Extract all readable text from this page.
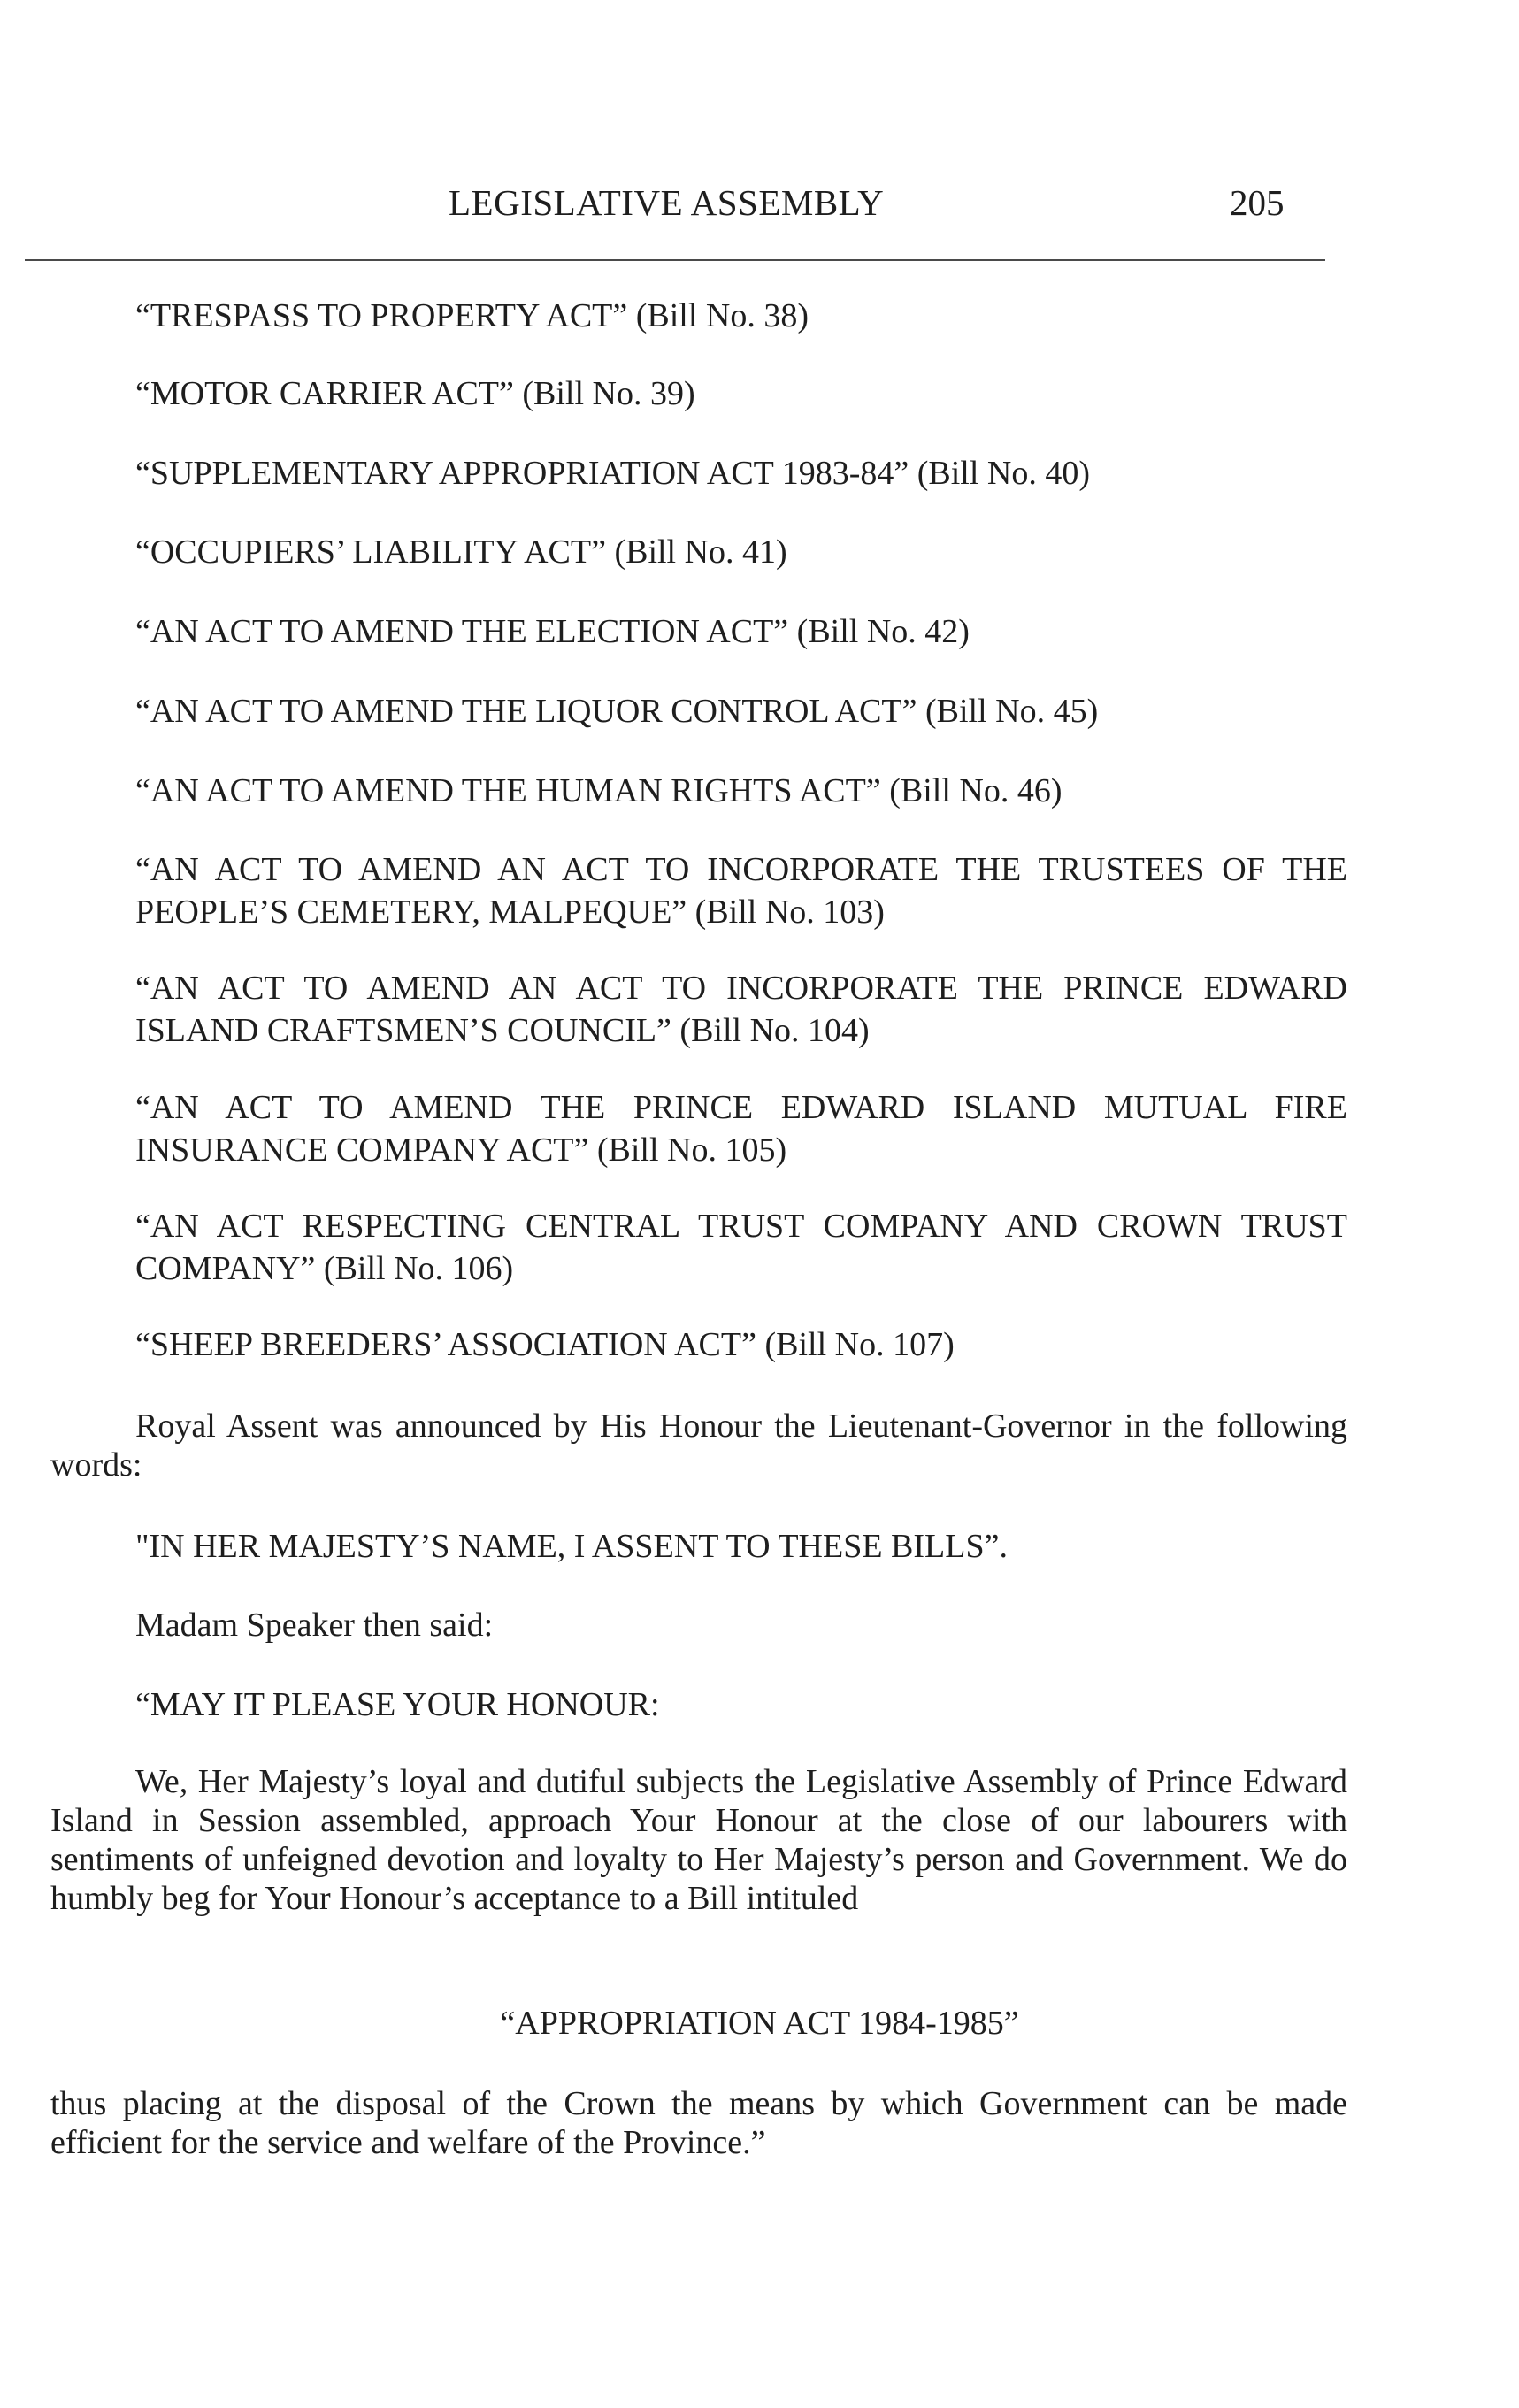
LEGISLATIVE ASSEMBLY	205
“TRESPASS TO PROPERTY ACT” (Bill No. 38)
“MOTOR CARRIER ACT” (Bill No. 39)
“SUPPLEMENTARY APPROPRIATION ACT 1983-84” (Bill No. 40)
“OCCUPIERS’ LIABILITY ACT” (Bill No. 41)
“AN ACT TO AMEND THE ELECTION ACT” (Bill No. 42)
“AN ACT TO AMEND THE LIQUOR CONTROL ACT” (Bill No. 45)
“AN ACT TO AMEND THE HUMAN RIGHTS ACT” (Bill No. 46)
“AN ACT TO AMEND AN ACT TO INCORPORATE THE TRUSTEES OF THE PEOPLE’S CEMETERY, MALPEQUE” (Bill No. 103)
“AN ACT TO AMEND AN ACT TO INCORPORATE THE PRINCE EDWARD ISLAND CRAFTSMEN’S COUNCIL” (Bill No. 104)
“AN ACT TO AMEND THE PRINCE EDWARD ISLAND MUTUAL FIRE INSURANCE COMPANY ACT” (Bill No. 105)
“AN ACT RESPECTING CENTRAL TRUST COMPANY AND CROWN TRUST COMPANY” (Bill No. 106)
“SHEEP BREEDERS’ ASSOCIATION ACT” (Bill No. 107)
Royal Assent was announced by His Honour the Lieutenant-Governor in the following words:
"IN HER MAJESTY’S NAME, I ASSENT TO THESE BILLS”.
Madam Speaker then said:
“MAY IT PLEASE YOUR HONOUR:
We, Her Majesty’s loyal and dutiful subjects the Legislative Assembly of Prince Edward Island in Session assembled, approach Your Honour at the close of our labourers with sentiments of unfeigned devotion and loyalty to Her Majesty’s person and Government. We do humbly beg for Your Honour’s acceptance to a Bill intituled
“APPROPRIATION ACT 1984-1985”
thus placing at the disposal of the Crown the means by which Government can be made efficient for the service and welfare of the Province.”
